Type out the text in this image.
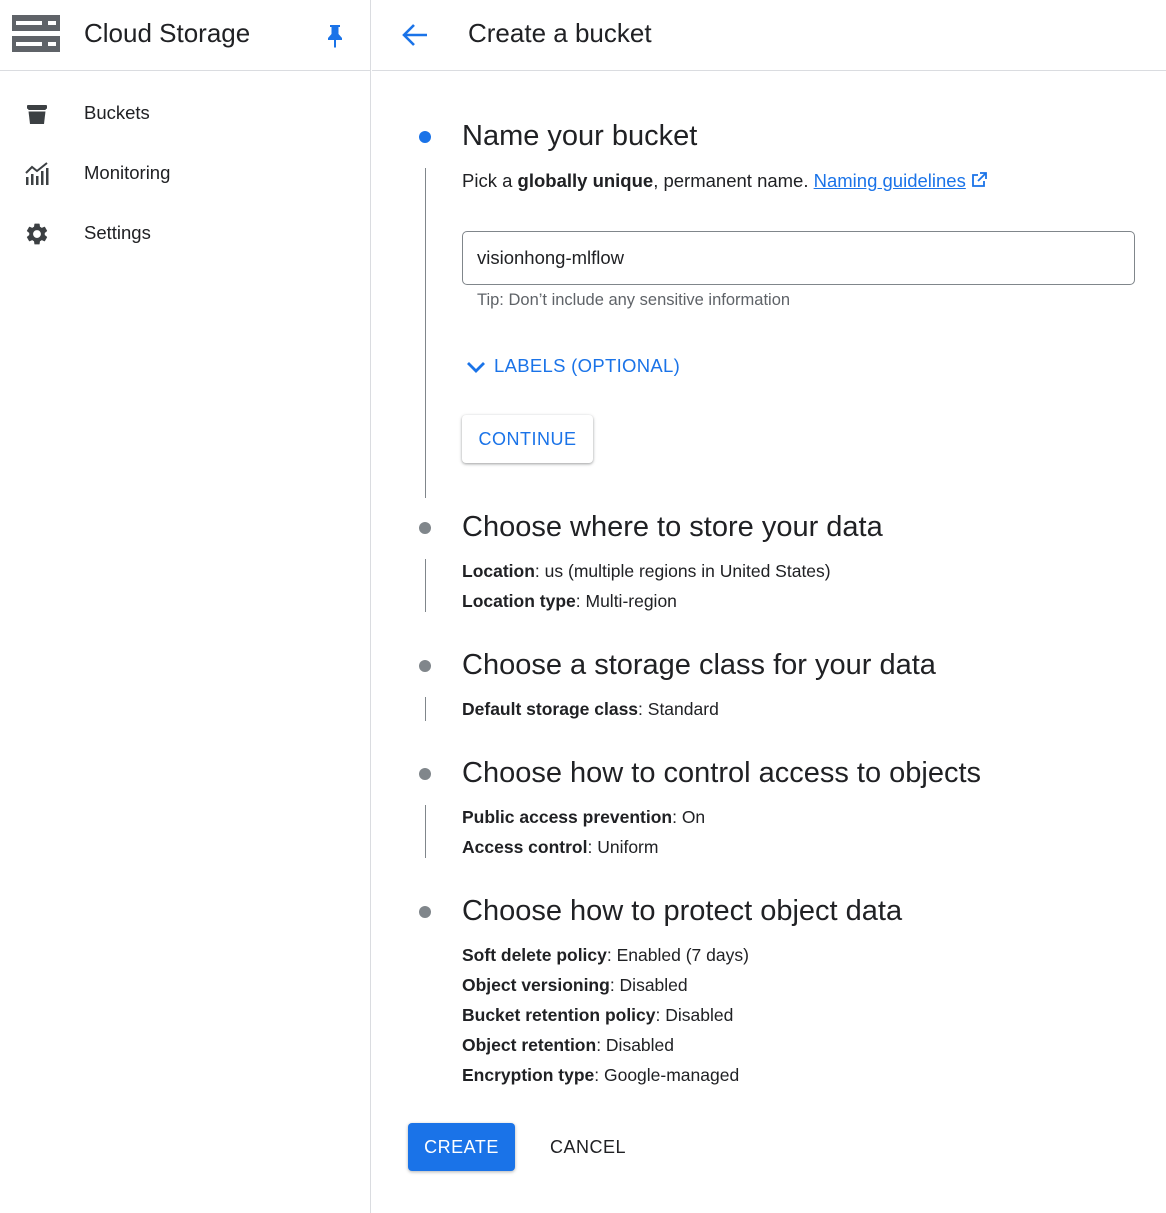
Cloud Storage
Buckets
Monitoring
Settings
Create a bucket
Name your bucket
Pick a globally unique, permanent name. Naming guidelines
visionhong-mlflow
Tip: Don’t include any sensitive information
LABELS (OPTIONAL)
CONTINUE
Choose where to store your data
Location: us (multiple regions in United States)
Location type: Multi-region
Choose a storage class for your data
Default storage class: Standard
Choose how to control access to objects
Public access prevention: On
Access control: Uniform
Choose how to protect object data
Soft delete policy: Enabled (7 days)
Object versioning: Disabled
Bucket retention policy: Disabled
Object retention: Disabled
Encryption type: Google-managed
CREATE	CANCEL
